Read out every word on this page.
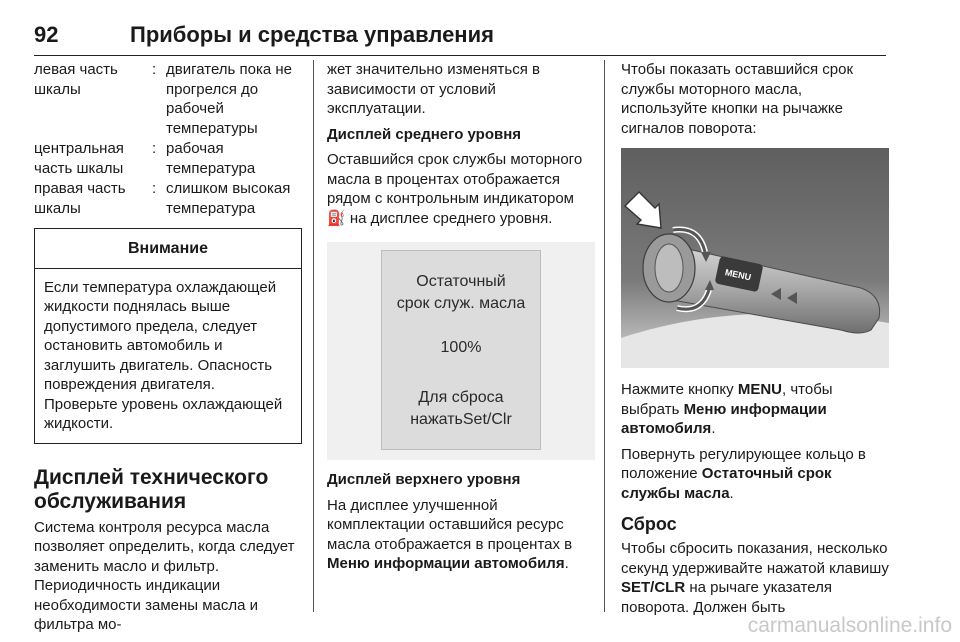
92	Приборы и средства управления
левая часть шкалы
: двигатель пока не прогрелся до рабочей температуры
центральная часть шкалы
: рабочая температура
правая часть шкалы
: слишком высокая температура
Внимание
Если температура охлаждающей жидкости поднялась выше допустимого предела, следует остановить автомобиль и заглушить двигатель. Опасность повреждения двигателя. Проверьте уровень охлаждающей жидкости.
Дисплей технического обслуживания

Система контроля ресурса масла позволяет определить, когда следует заменить масло и фильтр. Периодичность индикации необходимости замены масла и фильтра мо-

жет значительно изменяться в зависимости от условий эксплуатации.

Дисплей среднего уровня

Оставшийся срок службы моторного масла в процентах отображается рядом с контрольным индикатором ⛽ на дисплее среднего уровня.

Остаточный
срок служ. масла
100%
Для сброса
нажатьSet/Clr

Дисплей верхнего уровня

На дисплее улучшенной комплектации оставшийся ресурс масла отображается в процентах в Меню информации автомобиля.

Чтобы показать оставшийся срок службы моторного масла, используйте кнопки на рычажке сигналов поворота:

MENU

Нажмите кнопку MENU, чтобы выбрать Меню информации автомобиля.

Повернуть регулирующее кольцо в положение Остаточный срок службы масла.

Сброс

Чтобы сбросить показания, несколько секунд удерживайте нажатой клавишу SET/CLR на рычаге указателя поворота. Должен быть

carmanualsonline.info
